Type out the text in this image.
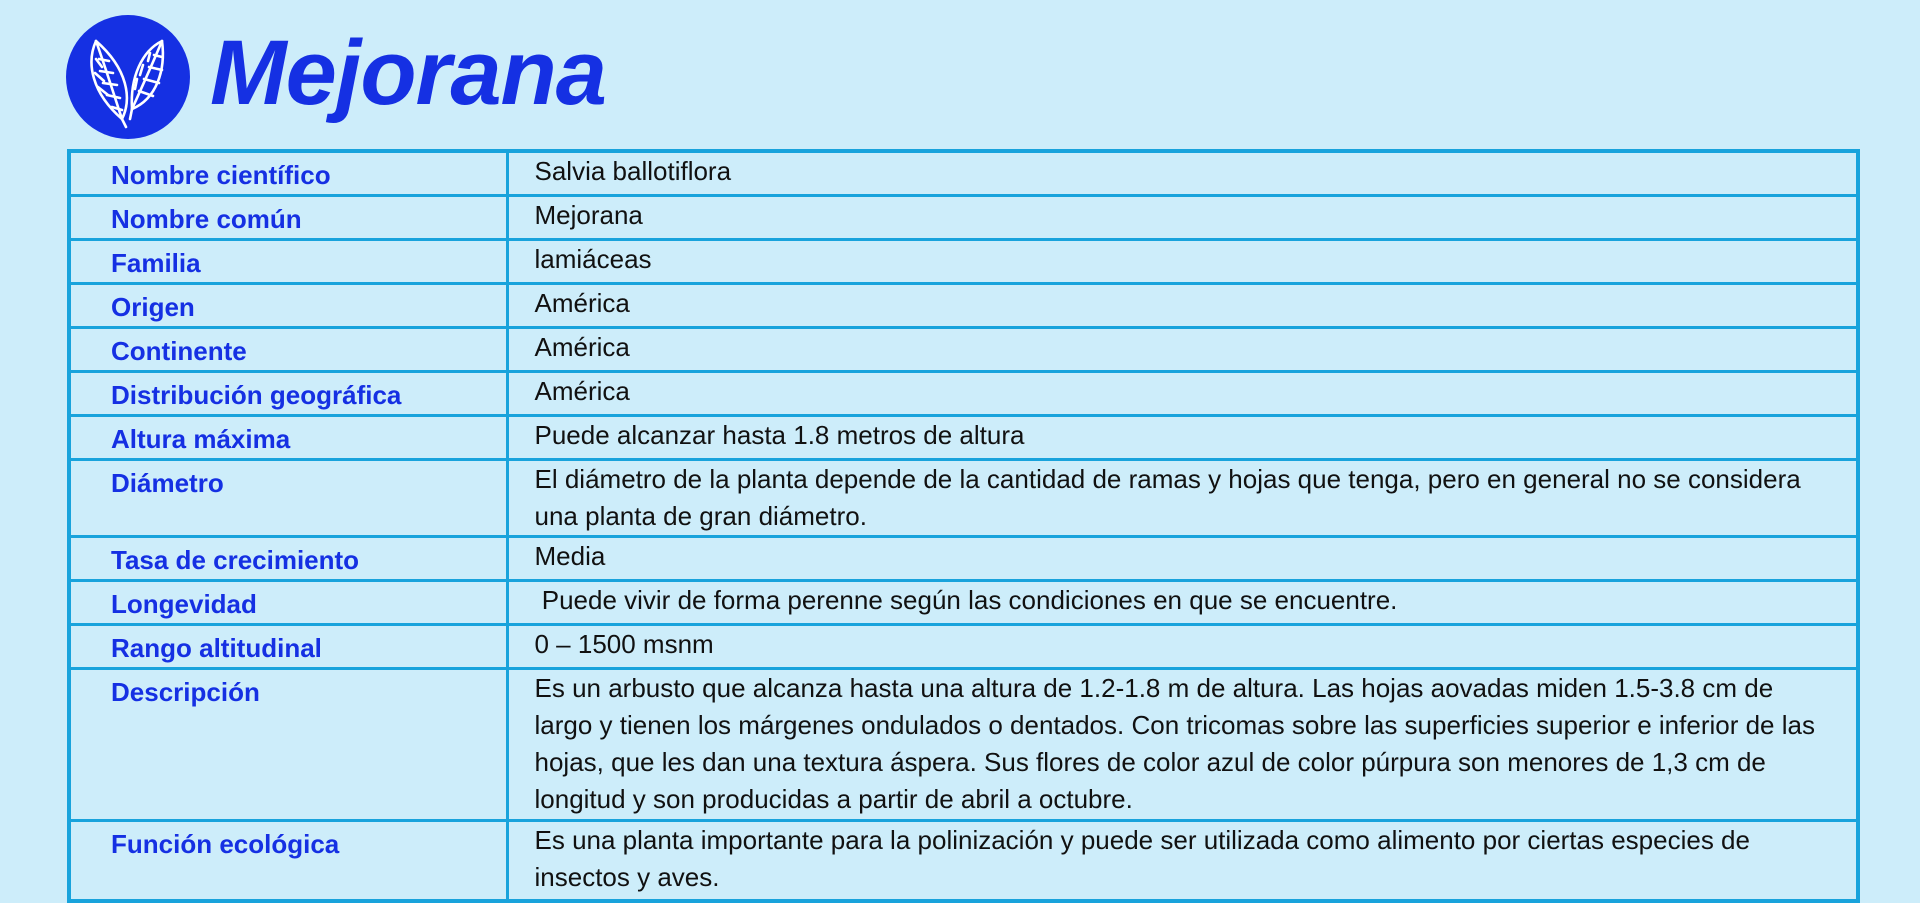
Mejorana
Nombre científico	Salvia ballotiflora
Nombre común	Mejorana
Familia	lamiáceas
Origen	América
Continente	América
Distribución geográfica	América
Altura máxima	Puede alcanzar hasta 1.8 metros de altura
Diámetro	El diámetro de la planta depende de la cantidad de ramas y hojas que tenga, pero en general no se considera una planta de gran diámetro.
Tasa de crecimiento	Media
Longevidad	Puede vivir de forma perenne según las condiciones en que se encuentre.
Rango altitudinal	0 – 1500 msnm
Descripción	Es un arbusto que alcanza hasta una altura de 1.2-1.8 m de altura. Las hojas aovadas miden 1.5-3.8 cm de largo y tienen los márgenes ondulados o dentados. Con tricomas sobre las superficies superior e inferior de las hojas, que les dan una textura áspera. Sus flores de color azul de color púrpura son menores de 1,3 cm de longitud y son producidas a partir de abril a octubre.
Función ecológica	Es una planta importante para la polinización y puede ser utilizada como alimento por ciertas especies de insectos y aves.
